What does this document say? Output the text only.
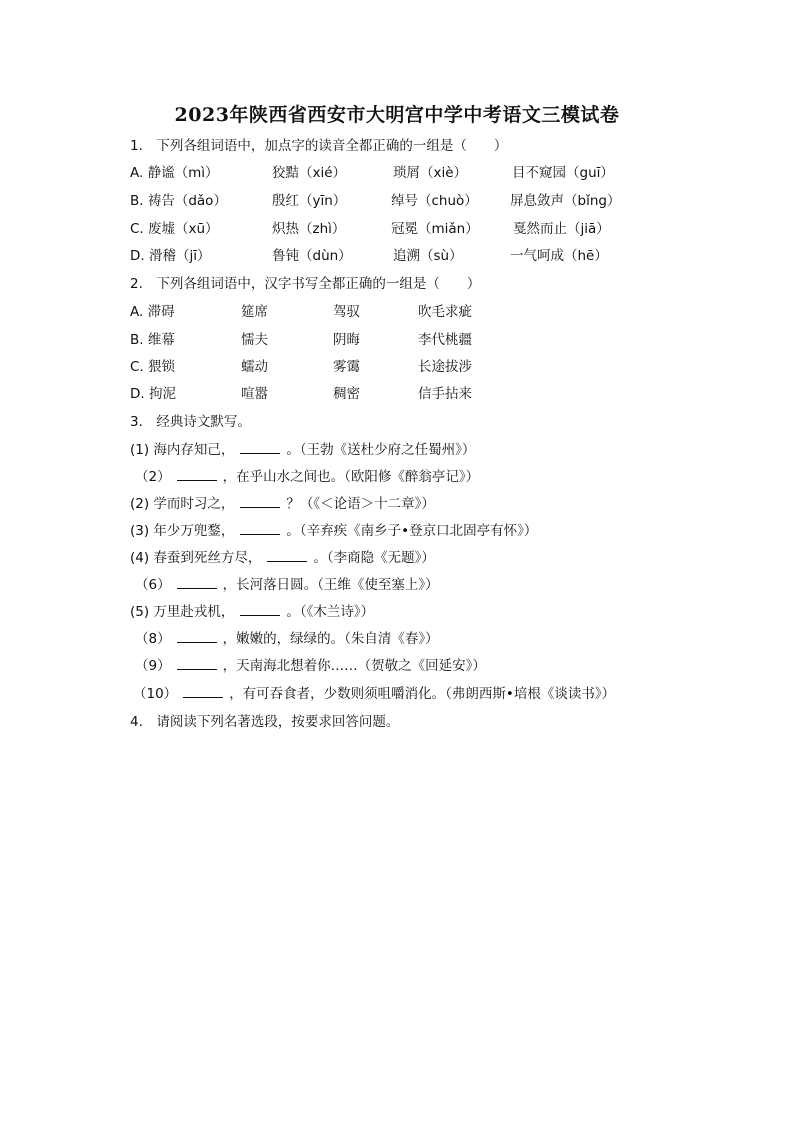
2023年陕西省西安市大明宫中学中考语文三模试卷
1.　下列各组词语中，加点字的读音全都正确的一组是（　　）
A. 静谧（mì）	狡黠（xié）	琐屑（xiè）	目不窥园（guī）
B. 祷告（dǎo）	殷红（yīn）	绰号（chuò） 屏息敛声（bǐng）
C. 废墟（xū）	炽热（zhì）	冠冕（miǎn）	戛然而止（jiā）
D. 滑稽（jī）	鲁钝（dùn）	追溯（sù）	一气呵成（hē）
2.　下列各组词语中，汉字书写全都正确的一组是（　　）
A. 滞碍	筵席	驾驭	吹毛求疵
B. 维幕	懦夫	阴晦	李代桃疆
C. 猥锁	蠕动	雾霭	长途拔涉
D. 拘泥	喧嚣	稠密	信手拈来
3.　经典诗文默写。
(1) 海内存知己，	。（王勃《送杜少府之任蜀州》）
（2）	，在乎山水之间也。（欧阳修《醉翁亭记》）
(2) 学而时习之，	？（《＜论语＞十二章》）
(3) 年少万兜鍪，	。（辛弃疾《南乡子•登京口北固亭有怀》）
(4) 春蚕到死丝方尽，	。（李商隐《无题》）
（6）	，长河落日圆。（王维《使至塞上》）
(5) 万里赴戎机，	。（《木兰诗》）
（8）	，嫩嫩的，绿绿的。（朱自清《春》）
（9）	，天南海北想着你……（贺敬之《回延安》）
（10）	，有可吞食者，少数则须咀嚼消化。（弗朗西斯•培根《谈读书》）
4.　请阅读下列名著选段，按要求回答问题。
